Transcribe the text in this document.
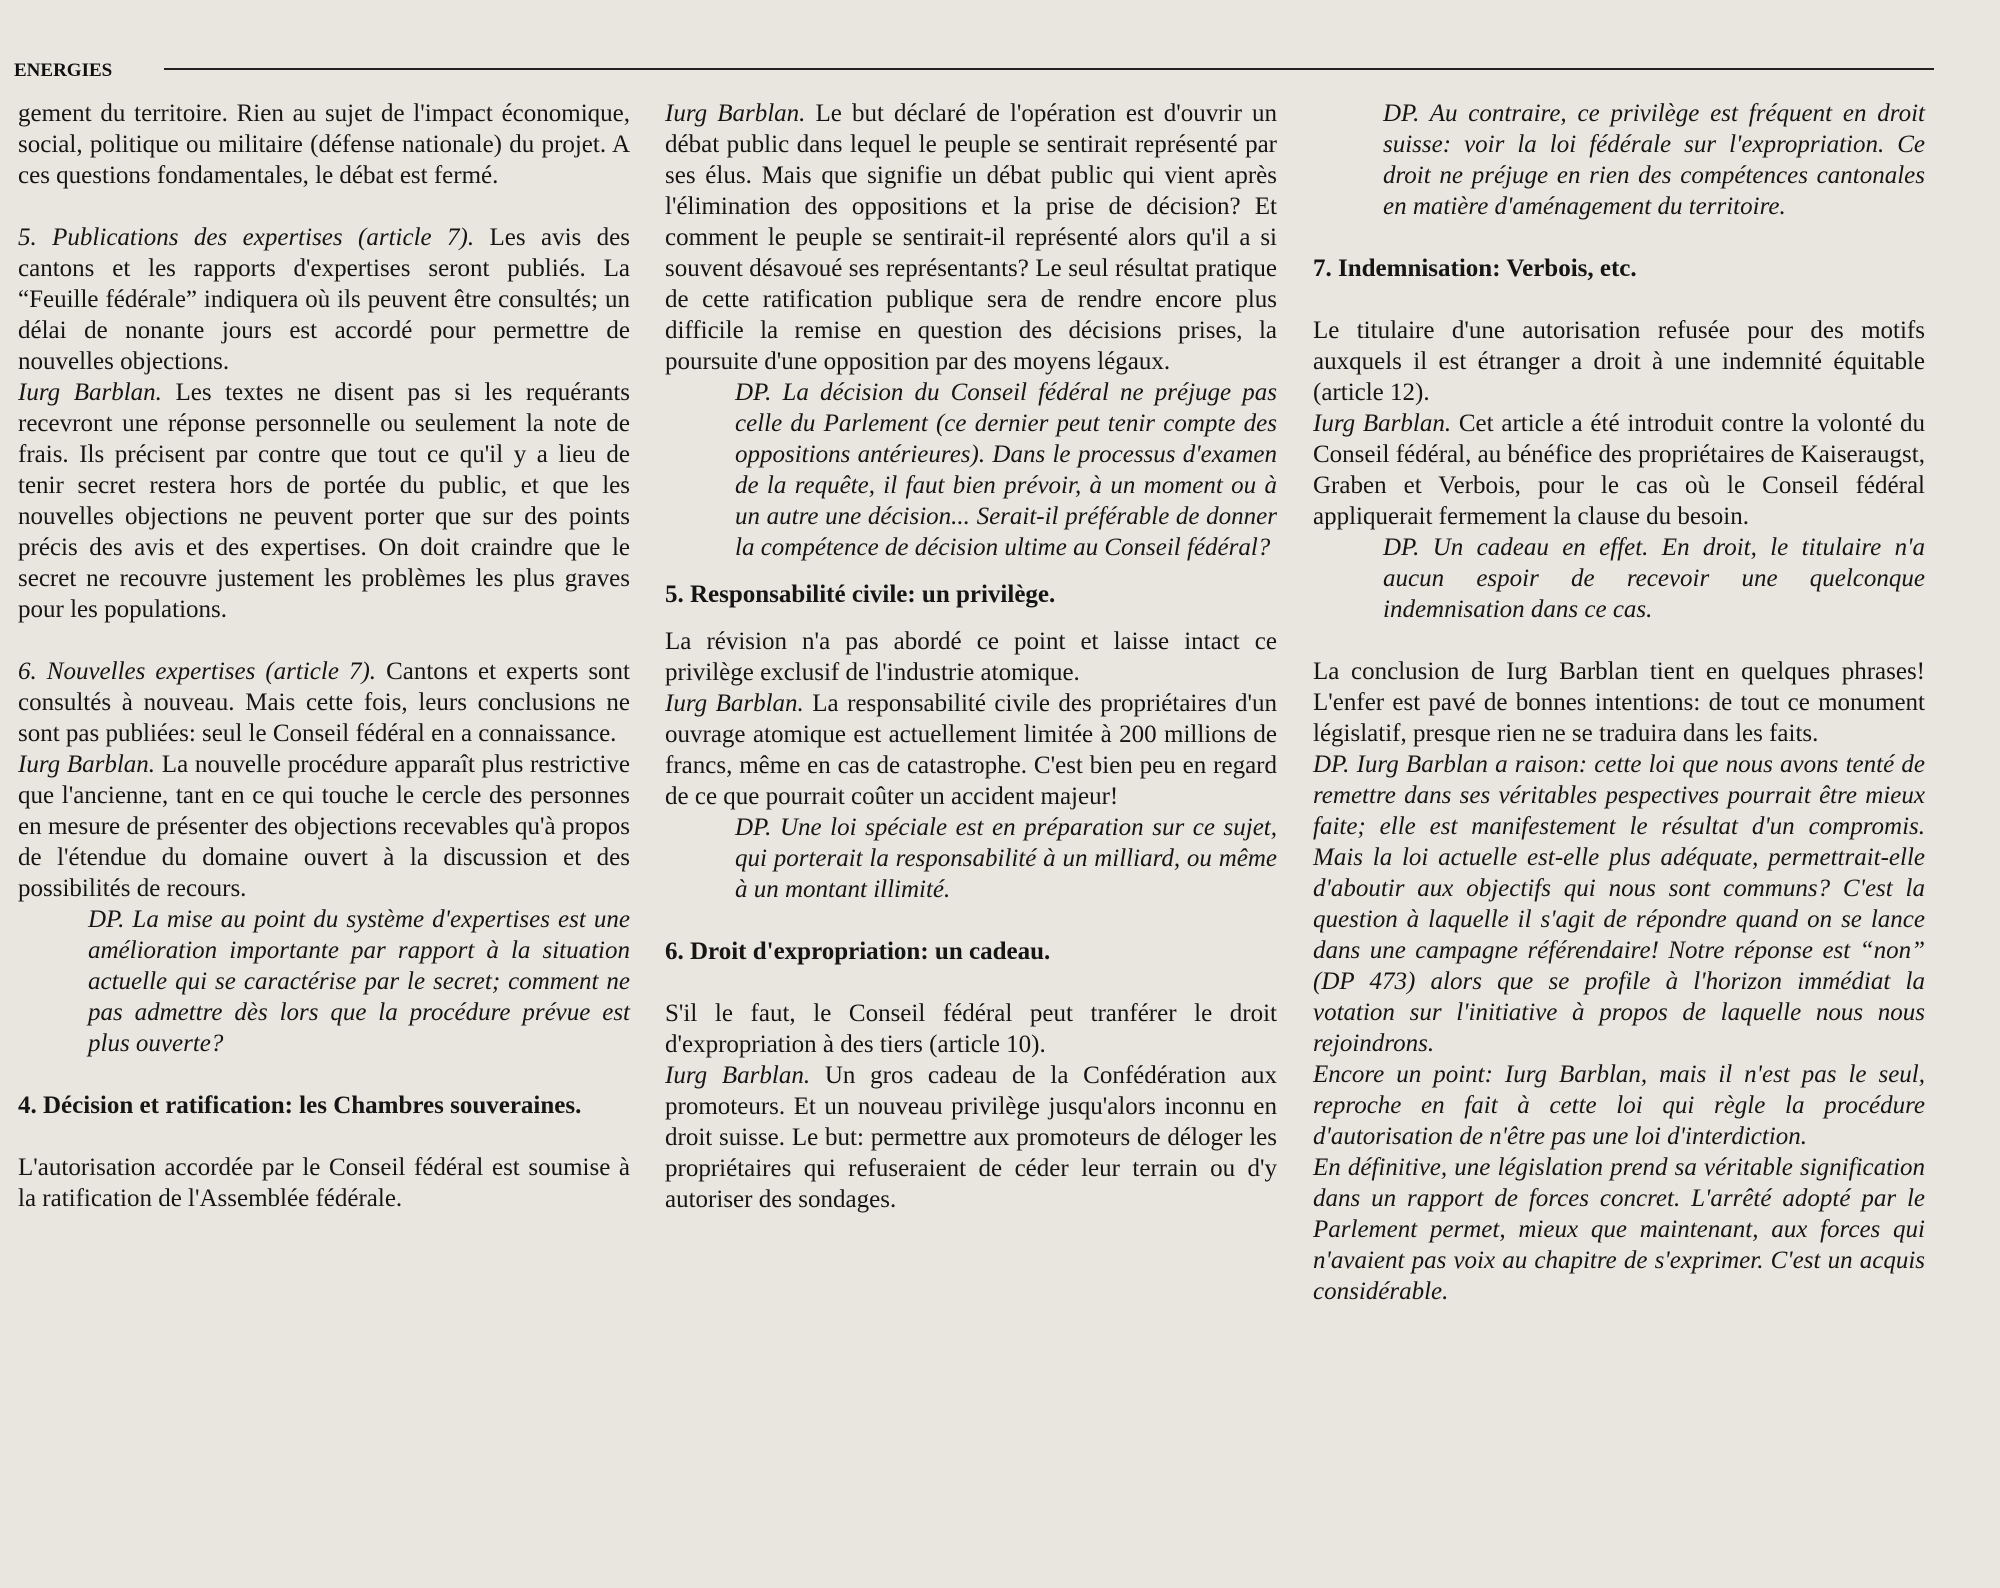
ENERGIES

gement du territoire. Rien au sujet de l'impact économique, social, politique ou militaire (défense nationale) du projet. A ces questions fondamentales, le débat est fermé.

5. Publications des expertises (article 7). Les avis des cantons et les rapports d'expertises seront publiés. La “Feuille fédérale” indiquera où ils peuvent être consultés; un délai de nonante jours est accordé pour permettre de nouvelles objections.

Iurg Barblan. Les textes ne disent pas si les requérants recevront une réponse personnelle ou seulement la note de frais. Ils précisent par contre que tout ce qu'il y a lieu de tenir secret restera hors de portée du public, et que les nouvelles objections ne peuvent porter que sur des points précis des avis et des expertises. On doit craindre que le secret ne recouvre justement les problèmes les plus graves pour les populations.

6. Nouvelles expertises (article 7). Cantons et experts sont consultés à nouveau. Mais cette fois, leurs conclusions ne sont pas publiées: seul le Conseil fédéral en a connaissance.

Iurg Barblan. La nouvelle procédure apparaît plus restrictive que l'ancienne, tant en ce qui touche le cercle des personnes en mesure de présenter des objections recevables qu'à propos de l'étendue du domaine ouvert à la discussion et des possibilités de recours.

DP. La mise au point du système d'expertises est une amélioration importante par rapport à la situation actuelle qui se caractérise par le secret; comment ne pas admettre dès lors que la procédure prévue est plus ouverte?

4. Décision et ratification: les Chambres souveraines.

L'autorisation accordée par le Conseil fédéral est soumise à la ratification de l'Assemblée fédérale.

Iurg Barblan. Le but déclaré de l'opération est d'ouvrir un débat public dans lequel le peuple se sentirait représenté par ses élus. Mais que signifie un débat public qui vient après l'élimination des oppositions et la prise de décision? Et comment le peuple se sentirait-il représenté alors qu'il a si souvent désavoué ses représentants? Le seul résultat pratique de cette ratification publique sera de rendre encore plus difficile la remise en question des décisions prises, la poursuite d'une opposition par des moyens légaux.

DP. La décision du Conseil fédéral ne préjuge pas celle du Parlement (ce dernier peut tenir compte des oppositions antérieures). Dans le processus d'examen de la requête, il faut bien prévoir, à un moment ou à un autre une décision... Serait-il préférable de donner la compétence de décision ultime au Conseil fédéral?

5. Responsabilité civile: un privilège.

La révision n'a pas abordé ce point et laisse intact ce privilège exclusif de l'industrie atomique.

Iurg Barblan. La responsabilité civile des propriétaires d'un ouvrage atomique est actuellement limitée à 200 millions de francs, même en cas de catastrophe. C'est bien peu en regard de ce que pourrait coûter un accident majeur!

DP. Une loi spéciale est en préparation sur ce sujet, qui porterait la responsabilité à un milliard, ou même à un montant illimité.

6. Droit d'expropriation: un cadeau.

S'il le faut, le Conseil fédéral peut tranférer le droit d'expropriation à des tiers (article 10).

Iurg Barblan. Un gros cadeau de la Confédération aux promoteurs. Et un nouveau privilège jusqu'alors inconnu en droit suisse. Le but: permettre aux promoteurs de déloger les propriétaires qui refuseraient de céder leur terrain ou d'y autoriser des sondages.

DP. Au contraire, ce privilège est fréquent en droit suisse: voir la loi fédérale sur l'expropriation. Ce droit ne préjuge en rien des compétences cantonales en matière d'aménagement du territoire.

7. Indemnisation: Verbois, etc.

Le titulaire d'une autorisation refusée pour des motifs auxquels il est étranger a droit à une indemnité équitable (article 12).

Iurg Barblan. Cet article a été introduit contre la volonté du Conseil fédéral, au bénéfice des propriétaires de Kaiseraugst, Graben et Verbois, pour le cas où le Conseil fédéral appliquerait fermement la clause du besoin.

DP. Un cadeau en effet. En droit, le titulaire n'a aucun espoir de recevoir une quelconque indemnisation dans ce cas.

La conclusion de Iurg Barblan tient en quelques phrases! L'enfer est pavé de bonnes intentions: de tout ce monument législatif, presque rien ne se traduira dans les faits.

DP. Iurg Barblan a raison: cette loi que nous avons tenté de remettre dans ses véritables pespectives pourrait être mieux faite; elle est manifestement le résultat d'un compromis. Mais la loi actuelle est-elle plus adéquate, permettrait-elle d'aboutir aux objectifs qui nous sont communs? C'est la question à laquelle il s'agit de répondre quand on se lance dans une campagne référendaire! Notre réponse est “non” (DP 473) alors que se profile à l'horizon immédiat la votation sur l'initiative à propos de laquelle nous nous rejoindrons.

Encore un point: Iurg Barblan, mais il n'est pas le seul, reproche en fait à cette loi qui règle la procédure d'autorisation de n'être pas une loi d'interdiction.

En définitive, une législation prend sa véritable signification dans un rapport de forces concret. L'arrêté adopté par le Parlement permet, mieux que maintenant, aux forces qui n'avaient pas voix au chapitre de s'exprimer. C'est un acquis considérable.
